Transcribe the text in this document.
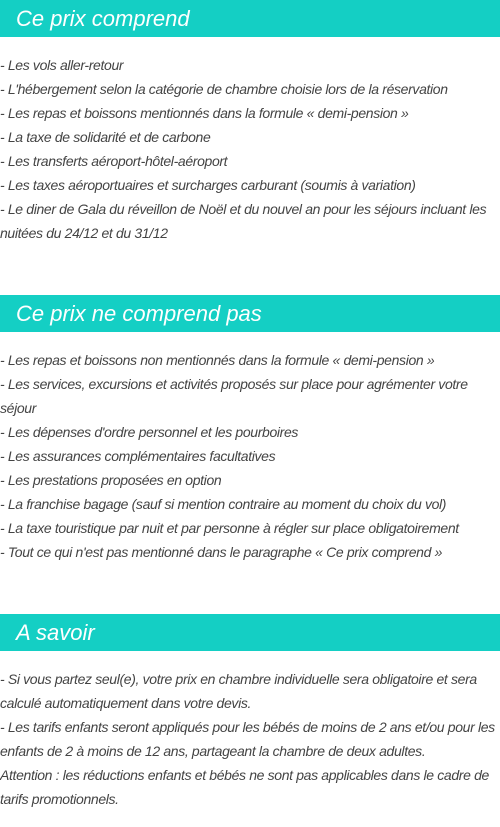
Ce prix comprend
- Les vols aller-retour
- L'hébergement selon la catégorie de chambre choisie lors de la réservation
- Les repas et boissons mentionnés dans la formule « demi-pension »
- La taxe de solidarité et de carbone
- Les transferts aéroport-hôtel-aéroport
- Les taxes aéroportuaires et surcharges carburant (soumis à variation)
- Le diner de Gala du réveillon de Noël et du nouvel an pour les séjours incluant les nuitées du 24/12 et du 31/12
Ce prix ne comprend pas
- Les repas et boissons non mentionnés dans la formule « demi-pension »
- Les services, excursions et activités proposés sur place pour agrémenter votre séjour
- Les dépenses d'ordre personnel et les pourboires
- Les assurances complémentaires facultatives
- Les prestations proposées en option
- La franchise bagage (sauf si mention contraire au moment du choix du vol)
- La taxe touristique par nuit et par personne à régler sur place obligatoirement
- Tout ce qui n'est pas mentionné dans le paragraphe « Ce prix comprend »
A savoir
- Si vous partez seul(e), votre prix en chambre individuelle sera obligatoire et sera calculé automatiquement dans votre devis.
- Les tarifs enfants seront appliqués pour les bébés de moins de 2 ans et/ou pour les enfants de 2 à moins de 12 ans, partageant la chambre de deux adultes.
Attention : les réductions enfants et bébés ne sont pas applicables dans le cadre de tarifs promotionnels.
